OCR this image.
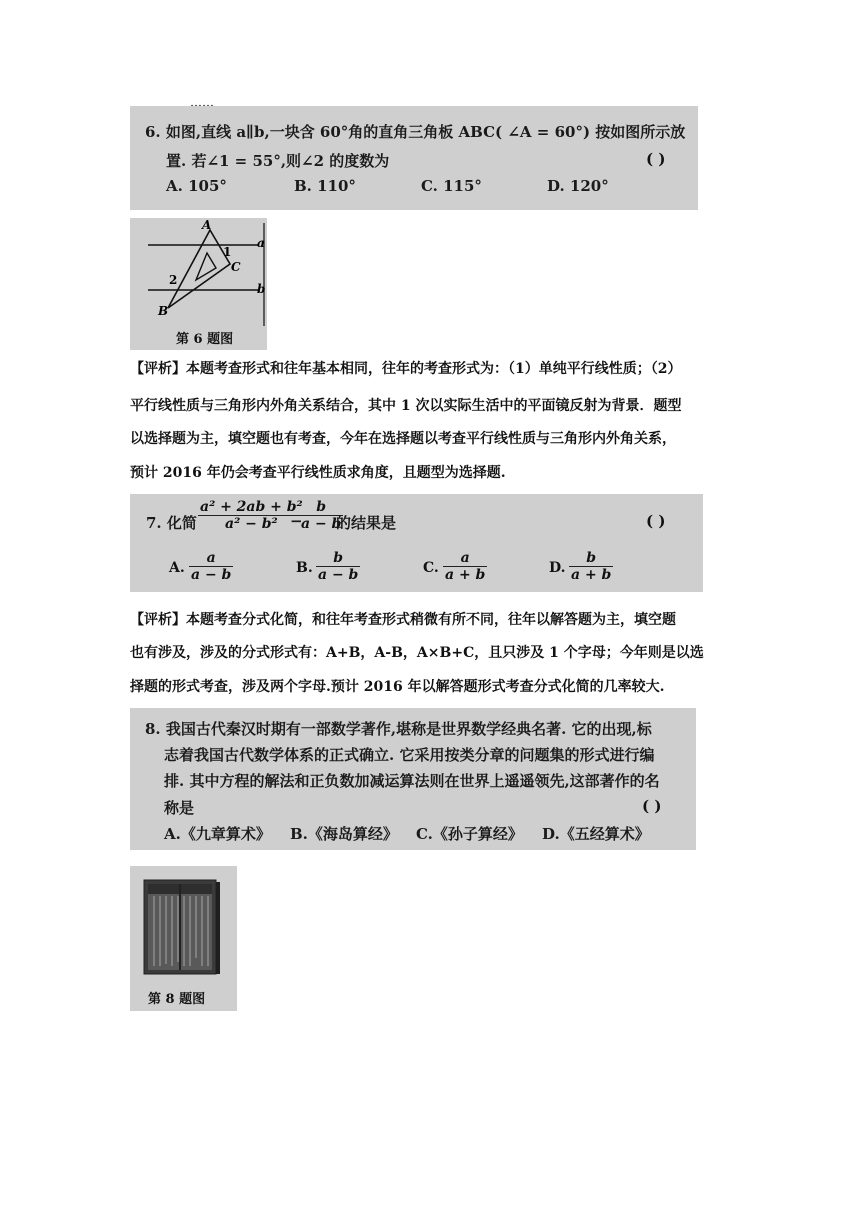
……
6. 如图,直线 a∥b,一块含 60°角的直角三角板 ABC( ∠A = 60°) 按如图所示放
置. 若∠1 = 55°,则∠2 的度数为	( )
A. 105°	B. 110°	C. 115°	D. 120°
A
1
C
a
2
b
B
第 6 题图
【评析】本题考查形式和往年基本相同，往年的考查形式为：（1）单纯平行线性质；（2）
平行线性质与三角形内外角关系结合，其中 1 次以实际生活中的平面镜反射为背景．题型
以选择题为主，填空题也有考查，今年在选择题以考查平行线性质与三角形内外角关系，
预计 2016 年仍会考查平行线性质求角度，且题型为选择题.
7. 化简 $\frac{\text{a² + 2ab + b²}}{\text{a² − b²}}$
−
$\frac{b}{a - b}$
的结果是	( )
A. $\frac{a}{a - b}$	B. $\frac{b}{a - b}$	C. $\frac{a}{a + b}$	D. $\frac{b}{a + b}$
【评析】本题考查分式化简，和往年考查形式稍微有所不同，往年以解答题为主，填空题
也有涉及，涉及的分式形式有：A+B，A-B，A×B+C，且只涉及 1 个字母；今年则是以选
择题的形式考查，涉及两个字母.预计 2016 年以解答题形式考查分式化简的几率较大.
8. 我国古代秦汉时期有一部数学著作,堪称是世界数学经典名著. 它的出现,标
志着我国古代数学体系的正式确立. 它采用按类分章的问题集的形式进行编
排. 其中方程的解法和正负数加减运算法则在世界上遥遥领先,这部著作的名
称是	( )
A.《九章算术》 B.《海岛算经》 C.《孙子算经》 D.《五经算术》
第 8 题图
